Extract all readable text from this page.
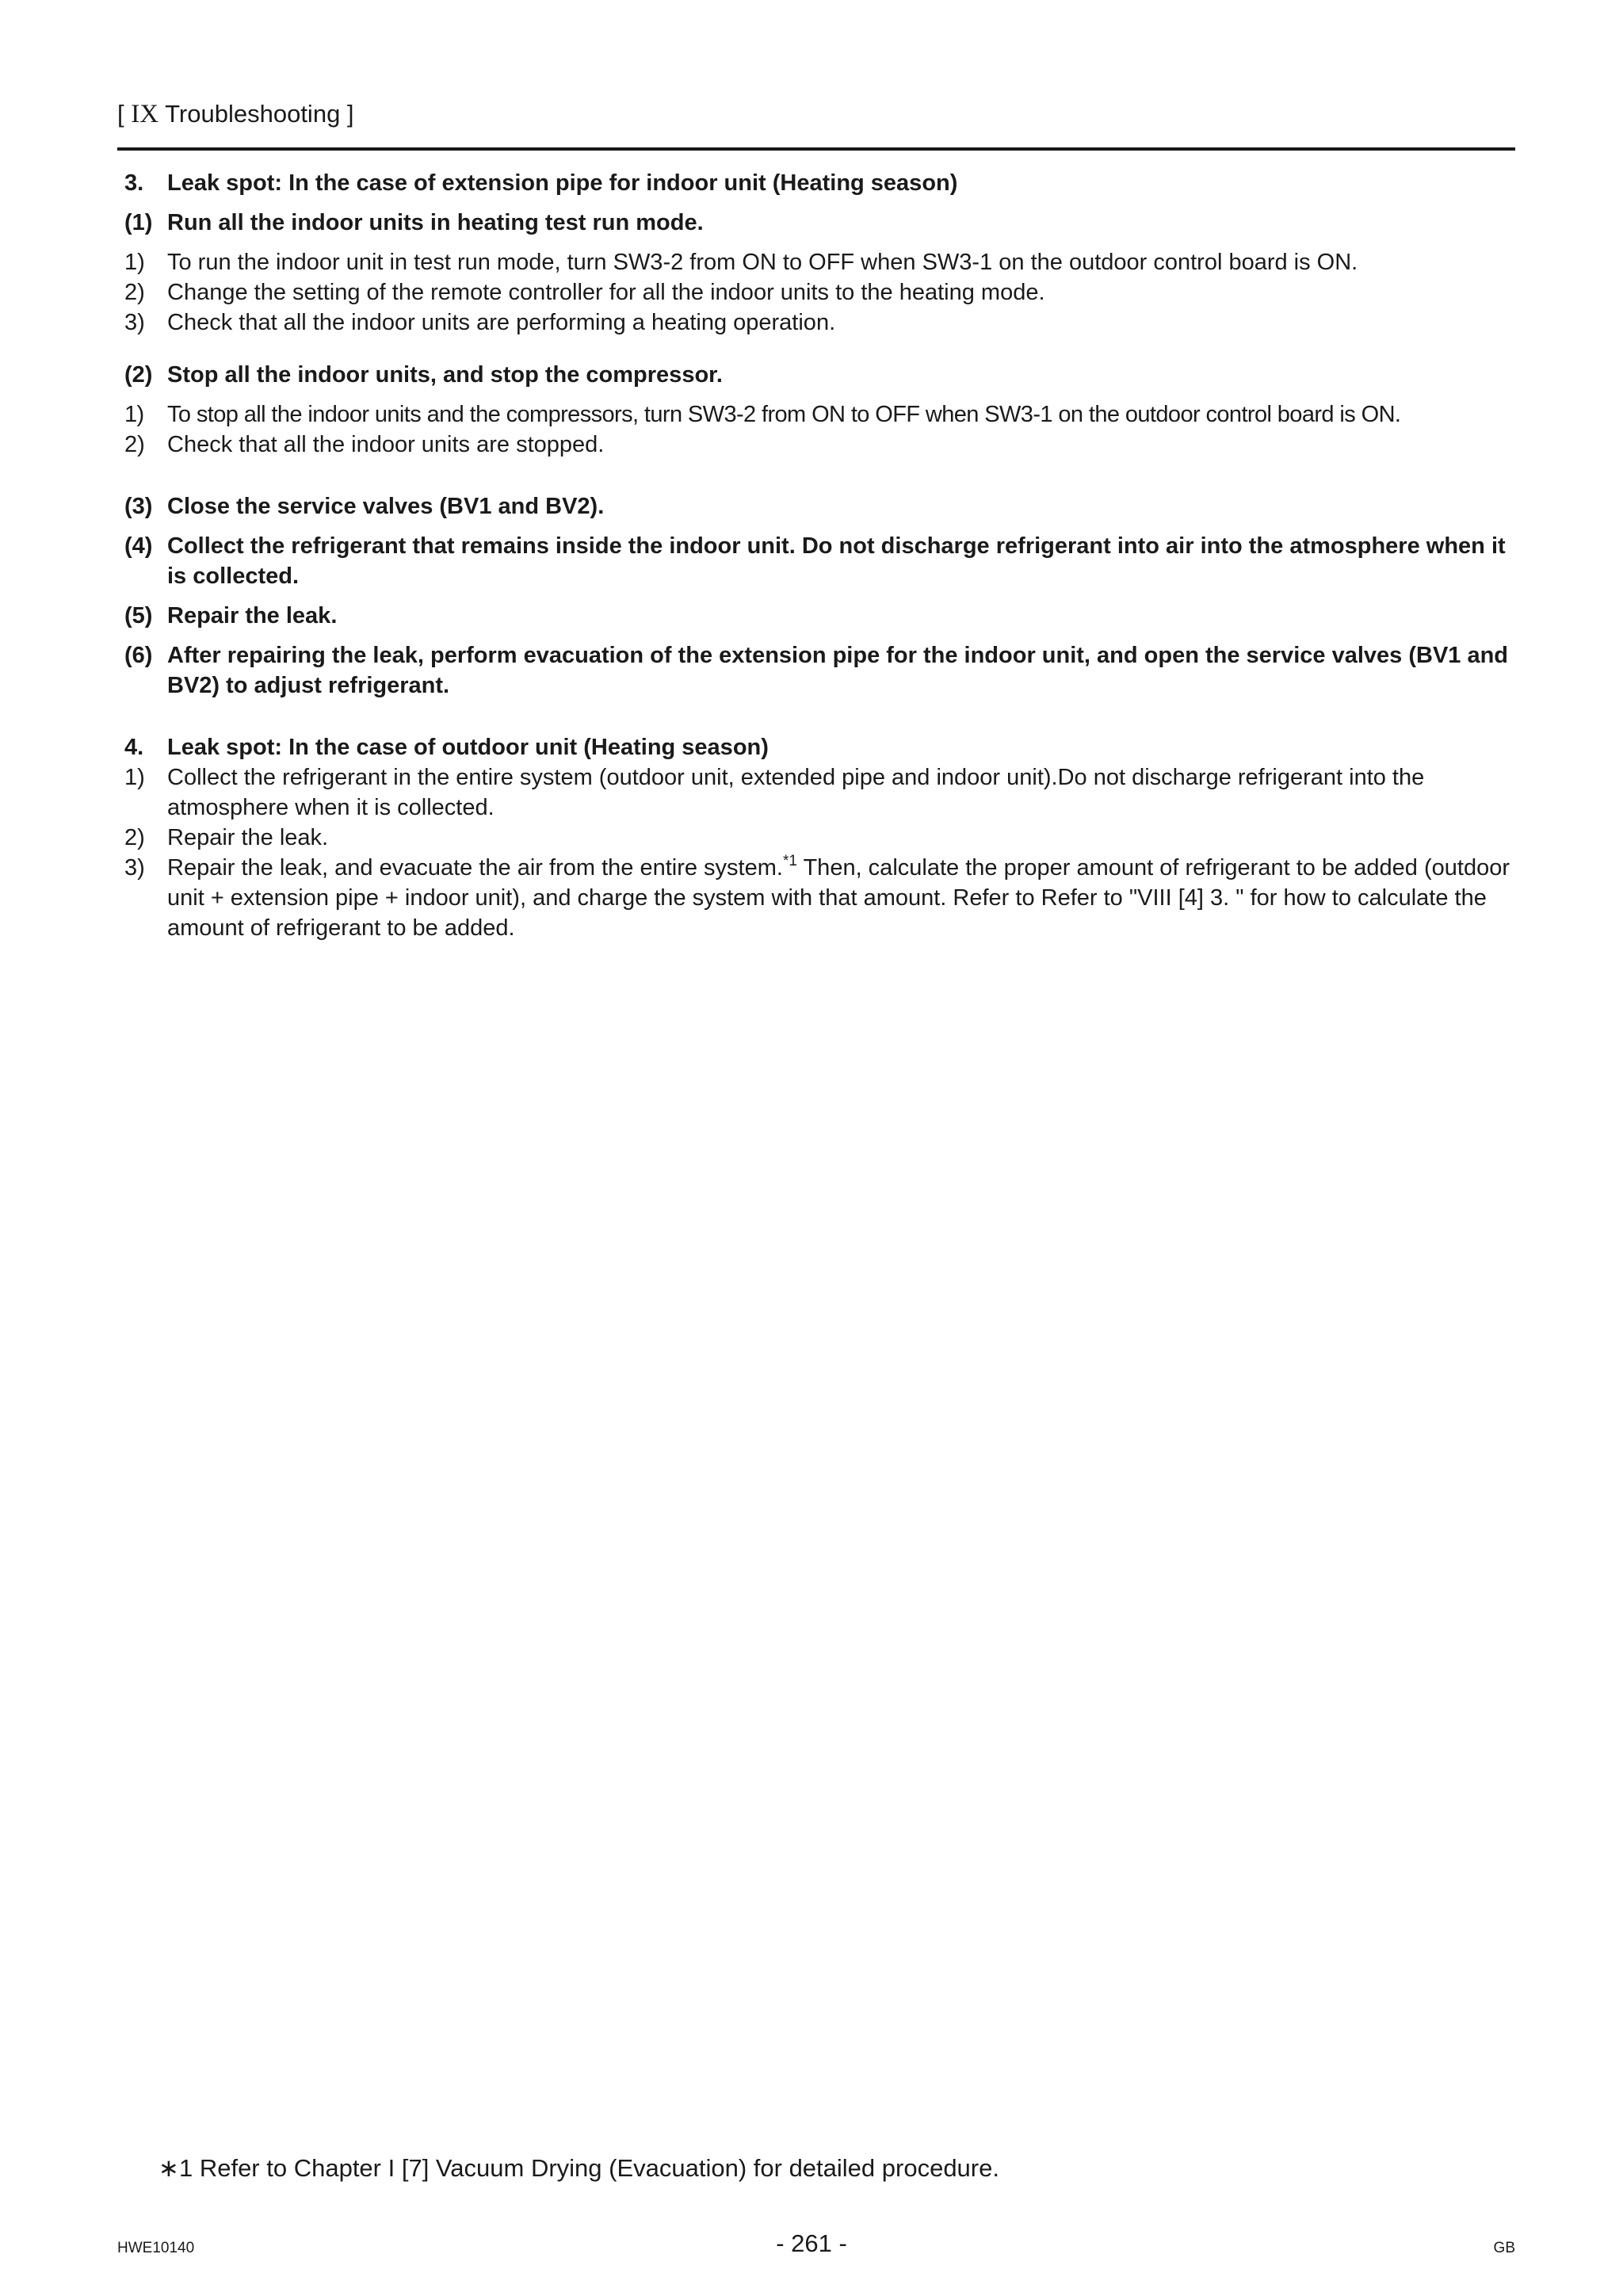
[ IX Troubleshooting ]
3.	Leak spot: In the case of extension pipe for indoor unit (Heating season)
(1) Run all the indoor units in heating test run mode.
1) To run the indoor unit in test run mode, turn SW3-2 from ON to OFF when SW3-1 on the outdoor control board is ON.
2) Change the setting of the remote controller for all the indoor units to the heating mode.
3) Check that all the indoor units are performing a heating operation.
(2) Stop all the indoor units, and stop the compressor.
1)	To stop all the indoor units and the compressors, turn SW3-2 from ON to OFF when SW3-1 on the outdoor control board is ON.
2) Check that all the indoor units are stopped.
(3) Close the service valves (BV1 and BV2).
(4) Collect the refrigerant that remains inside the indoor unit. Do not discharge refrigerant into air into the atmosphere when it is collected.
(5) Repair the leak.
(6) After repairing the leak, perform evacuation of the extension pipe for the indoor unit, and open the service valves (BV1 and BV2) to adjust refrigerant.
4.	Leak spot: In the case of outdoor unit (Heating season)
1) Collect the refrigerant in the entire system (outdoor unit, extended pipe and indoor unit).Do not discharge refrigerant into the atmosphere when it is collected.
2) Repair the leak.
3) Repair the leak, and evacuate the air from the entire system.$^{*1}$ Then, calculate the proper amount of refrigerant to be added (outdoor unit + extension pipe + indoor unit), and charge the system with that amount. Refer to Refer to "VIII [4] 3. " for how to calculate the amount of refrigerant to be added.
∗1 Refer to Chapter I [7] Vacuum Drying (Evacuation) for detailed procedure.
HWE10140	- 261 -	GB
